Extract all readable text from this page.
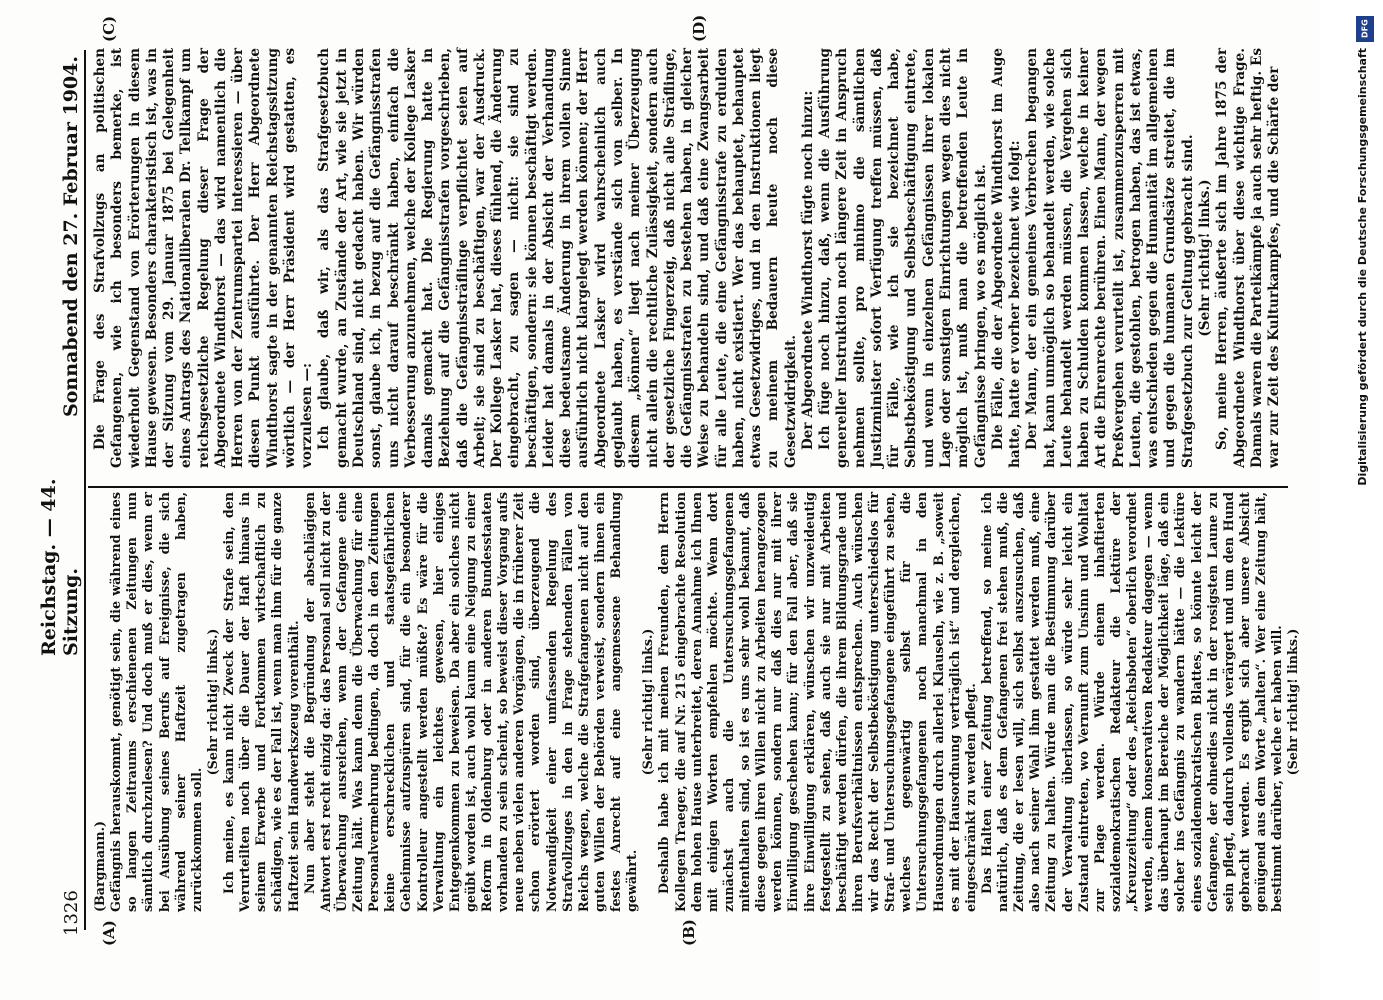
1326
Reichstag. — 44. Sitzung.
Sonnabend den 27. Februar 1904.
(A)	(B)
(C)	(D)

(Bargmann.) Gefängnis herauskommt, genötigt sein, die während eines so langen Zeitraums erschienenen Zeitungen nun sämtlich durchzulesen? Und doch muß er dies, wenn er bei Ausübung seines Berufs auf Ereignisse, die sich während seiner Haftzeit zugetragen haben, zurückkommen soll.

(Sehr richtig! links.) Ich meine, es kann nicht Zweck der Strafe sein, den Verurteilten noch über die Dauer der Haft hinaus in seinem Erwerbe und Fortkommen wirtschaftlich zu schädigen, wie es der Fall ist, wenn man ihm für die ganze Haftzeit sein Handwerkszeug vorenthält. Nun aber steht die Begründung der abschlägigen Antwort erst recht einzig da: das Personal soll nicht zu der Überwachung ausreichen, wenn der Gefangene eine Zeitung hält. Was kann denn die Überwachung für eine Personalvermehrung bedingen, da doch in den Zeitungen keine erschrecklichen und staatsgefährlichen Geheimnisse aufzuspüren sind, für die ein besonderer Kontrolleur angestellt werden müßte? Es wäre für die Verwaltung ein leichtes gewesen, hier einiges Entgegenkommen zu beweisen. Da aber ein solches nicht geübt worden ist, auch wohl kaum eine Neigung zu einer Reform in Oldenburg oder in anderen Bundesstaaten vorhanden zu sein scheint, so beweist dieser Vorgang aufs neue neben vielen anderen Vorgängen, die in früherer Zeit schon erörtert worden sind, überzeugend die Notwendigkeit einer umfassenden Regelung des Strafvollzuges in den in Frage stehenden Fällen von Reichs wegen, welche die Strafgefangenen nicht auf den guten Willen der Behörden verweist, sondern ihnen ein festes Anrecht auf eine angemessene Behandlung gewährt.

(Sehr richtig! links.) Deshalb habe ich mit meinen Freunden, dem Herrn Kollegen Traeger, die auf Nr. 215 eingebrachte Resolution dem hohen Hause unterbreitet, deren Annahme ich Ihnen mit einigen Worten empfehlen möchte. Wenn dort zunächst auch die Untersuchungsgefangenen mitenthalten sind, so ist es uns sehr wohl bekannt, daß diese gegen ihren Willen nicht zu Arbeiten herangezogen werden können, sondern nur daß dies nur mit ihrer Einwilligung geschehen kann; für den Fall aber, daß sie ihre Einwilligung erklären, wünschen wir unzweideutig festgestellt zu sehen, daß auch sie nur mit Arbeiten beschäftigt werden dürfen, die ihrem Bildungsgrade und ihren Berufsverhältnissen entsprechen. Auch wünschen wir das Recht der Selbstbeköstigung unterschiedslos für Straf- und Untersuchungsgefangene eingeführt zu sehen, welches gegenwärtig selbst für die Untersuchungsgefangenen noch manchmal in den Hausordnungen durch allerlei Klauseln, wie z. B. „soweit es mit der Hausordnung verträglich ist“ und dergleichen, eingeschränkt zu werden pflegt. Das Halten einer Zeitung betreffend, so meine ich natürlich, daß es dem Gefangenen frei stehen muß, die Zeitung, die er lesen will, sich selbst auszusuchen, daß also nach seiner Wahl ihm gestattet werden muß, eine Zeitung zu halten. Würde man die Bestimmung darüber der Verwaltung überlassen, so würde sehr leicht ein Zustand eintreten, wo Vernunft zum Unsinn und Wohltat zur Plage werden. Würde einem inhaftierten sozialdemokratischen Redakteur die Lektüre der „Kreuzzeitung“ oder des „Reichsboten“ oberlich verordnet werden, einem konservativen Redakteur dagegen — wenn das überhaupt im Bereiche der Möglichkeit läge, daß ein solcher ins Gefängnis zu wandern hätte — die Lektüre eines sozialdemokratischen Blattes, so könnte leicht der Gefangene, der ohnedies nicht in der rosigsten Laune zu sein pflegt, dadurch vollends verärgert und um den Hund gebracht werden. Es ergibt sich aber unsere Absicht genügend aus dem Worte „halten“. Wer eine Zeitung hält, bestimmt darüber, welche er haben will. (Sehr richtig! links.)

Die Frage des Strafvollzugs an politischen Gefangenen, wie ich besonders bemerke, ist wiederholt Gegenstand von Erörterungen in diesem Hause gewesen. Besonders charakteristisch ist, was in der Sitzung vom 29. Januar 1875 bei Gelegenheit eines Antrags des Nationalliberalen Dr. Tellkampf um reichsgesetzliche Regelung dieser Frage der Abgeordnete Windthorst — das wird namentlich die Herren von der Zentrumspartei interessieren — über diesen Punkt ausführte. Der Herr Abgeordnete Windthorst sagte in der genannten Reichstagssitzung wörtlich — der Herr Präsident wird gestatten, es vorzulesen —: Ich glaube, daß wir, als das Strafgesetzbuch gemacht wurde, an Zustände der Art, wie sie jetzt in Deutschland sind, nicht gedacht haben. Wir würden sonst, glaube ich, in bezug auf die Gefängnisstrafen uns nicht darauf beschränkt haben, einfach die Verbesserung anzunehmen, welche der Kollege Lasker damals gemacht hat. Die Regierung hatte in Beziehung auf die Gefängnisstrafen vorgeschrieben, daß die Gefängnissträflinge verpflichtet seien auf Arbeit; sie sind zu beschäftigen, war der Ausdruck. Der Kollege Lasker hat, dieses fühlend, die Änderung eingebracht, zu sagen — nicht: sie sind zu beschäftigen, sondern: sie können beschäftigt werden. Leider hat damals in der Absicht der Verhandlung diese bedeutsame Änderung in ihrem vollen Sinne ausführlich nicht klargelegt werden können; der Herr Abgeordnete Lasker wird wahrscheinlich auch geglaubt haben, es verstände sich von selber. In diesem „können“ liegt nach meiner Überzeugung nicht allein die rechtliche Zulässigkeit, sondern auch der gesetzliche Fingerzeig, daß nicht alle Sträflinge, die Gefängnisstrafen zu bestehen haben, in gleicher Weise zu behandeln sind, und daß eine Zwangsarbeit für alle Leute, die eine Gefängnisstrafe zu erdulden haben, nicht existiert. Wer das behauptet, behauptet etwas Gesetzwidriges, und in den Instruktionen liegt zu meinem Bedauern heute noch diese Gesetzwidrigkeit. Der Abgeordnete Windthorst fügte noch hinzu: Ich füge noch hinzu, daß, wenn die Ausführung genereller Instruktion noch längere Zeit in Anspruch nehmen sollte, pro minimo die sämtlichen Justizminister sofort Verfügung treffen müssen, daß für Fälle, wie ich sie bezeichnet habe, Selbstbeköstigung und Selbstbeschäftigung eintrete, und wenn in einzelnen Gefängnissen ihrer lokalen Lage oder sonstigen Einrichtungen wegen dies nicht möglich ist, muß man die betreffenden Leute in Gefängnisse bringen, wo es möglich ist. Die Fälle, die der Abgeordnete Windthorst im Auge hatte, hatte er vorher bezeichnet wie folgt: Der Mann, der ein gemeines Verbrechen begangen hat, kann unmöglich so behandelt werden, wie solche Leute behandelt werden müssen, die Vergehen sich haben zu Schulden kommen lassen, welche in keiner Art die Ehrenrechte berühren. Einen Mann, der wegen Preßvergehen verurteilt ist, zusammenzusperren mit Leuten, die gestohlen, betrogen haben, das ist etwas, was entschieden gegen die Humanität im allgemeinen und gegen die humanen Grundsätze streitet, die im Strafgesetzbuch zur Geltung gebracht sind. (Sehr richtig! links.) So, meine Herren, äußerte sich im Jahre 1875 der Abgeordnete Windthorst über diese wichtige Frage. Damals waren die Parteikämpfe ja auch sehr heftig. Es war zur Zeit des Kulturkampfes, und die Schärfe der

DFG
Digitalisierung gefördert durch die Deutsche Forschungsgemeinschaft
